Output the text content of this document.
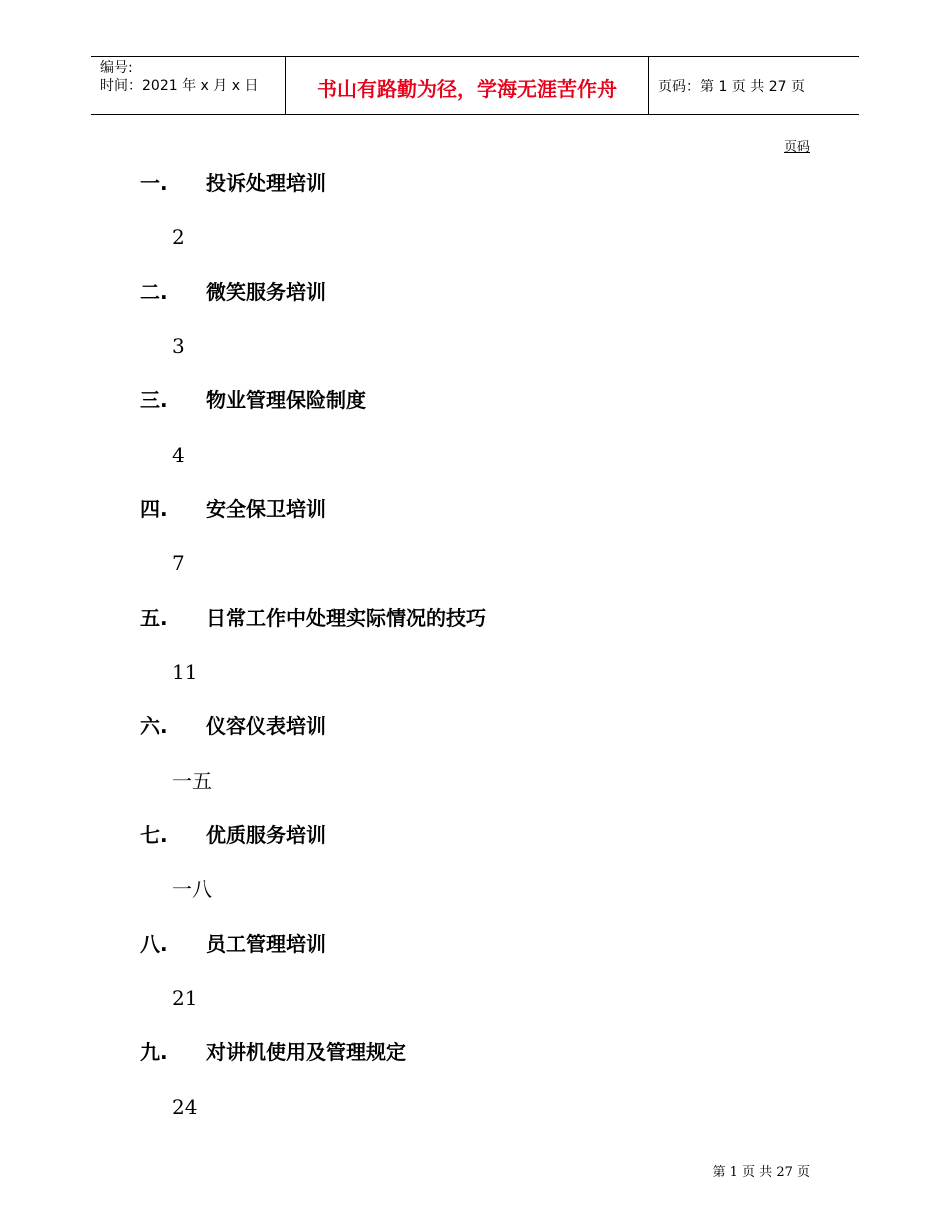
编号:
时间：2021 年 x 月 x 日	书山有路勤为径，学海无涯苦作舟	页码：第 1 页 共 27 页
页码
一. 投诉处理培训
2
二. 微笑服务培训
3
三. 物业管理保险制度
4
四. 安全保卫培训
7
五. 日常工作中处理实际情况的技巧
11
六. 仪容仪表培训
一五
七. 优质服务培训
一八
八. 员工管理培训
21
九. 对讲机使用及管理规定
24
第 1 页 共 27 页
